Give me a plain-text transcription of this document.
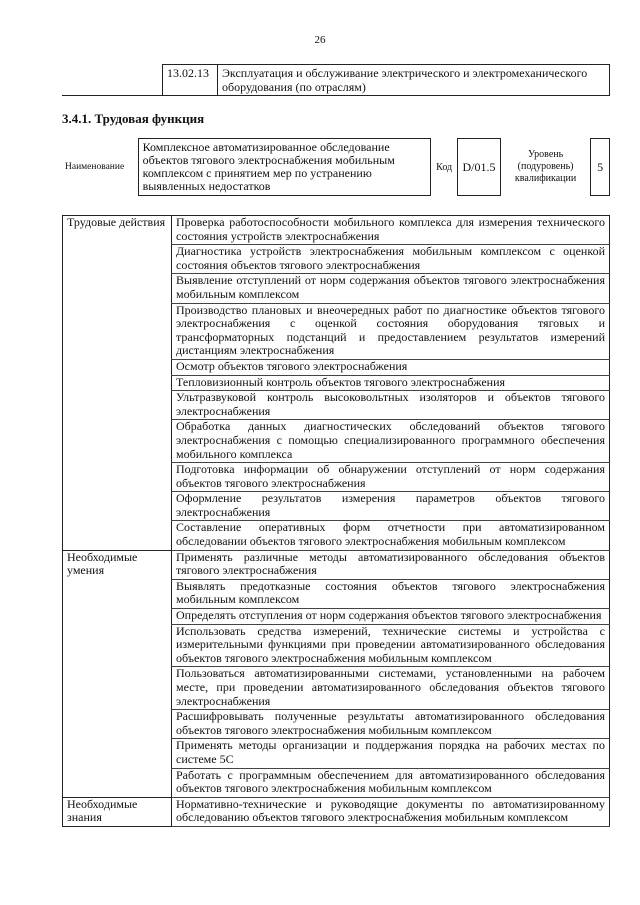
26
	13.02.13	Эксплуатация и обслуживание электрического и электромеханического оборудования (по отраслям)
3.4.1. Трудовая функция
Наименование	Комплексное автоматизированное обследование объектов тягового электроснабжения мобильным комплексом с принятием мер по устранению выявленных недостатков	Код	D/01.5	Уровень (подуровень) квалификации	5
Трудовые действия	Проверка работоспособности мобильного комплекса для измерения технического состояния устройств электроснабжения
	Диагностика устройств электроснабжения мобильным комплексом с оценкой состояния объектов тягового электроснабжения
	Выявление отступлений от норм содержания объектов тягового электроснабжения мобильным комплексом
	Производство плановых и внеочередных работ по диагностике объектов тягового электроснабжения с оценкой состояния оборудования тяговых и трансформаторных подстанций и предоставлением результатов измерений дистанциям электроснабжения
	Осмотр объектов тягового электроснабжения
	Тепловизионный контроль объектов тягового электроснабжения
	Ультразвуковой контроль высоковольтных изоляторов и объектов тягового электроснабжения
	Обработка данных диагностических обследований объектов тягового электроснабжения с помощью специализированного программного обеспечения мобильного комплекса
	Подготовка информации об обнаружении отступлений от норм содержания объектов тягового электроснабжения
	Оформление результатов измерения параметров объектов тягового электроснабжения
	Составление оперативных форм отчетности при автоматизированном обследовании объектов тягового электроснабжения мобильным комплексом
Необходимые умения	Применять различные методы автоматизированного обследования объектов тягового электроснабжения
	Выявлять предотказные состояния объектов тягового электроснабжения мобильным комплексом
	Определять отступления от норм содержания объектов тягового электроснабжения
	Использовать средства измерений, технические системы и устройства с измерительными функциями при проведении автоматизированного обследования объектов тягового электроснабжения мобильным комплексом
	Пользоваться автоматизированными системами, установленными на рабочем месте, при проведении автоматизированного обследования объектов тягового электроснабжения
	Расшифровывать полученные результаты автоматизированного обследования объектов тягового электроснабжения мобильным комплексом
	Применять методы организации и поддержания порядка на рабочих местах по системе 5С
	Работать с программным обеспечением для автоматизированного обследования объектов тягового электроснабжения мобильным комплексом
Необходимые знания	Нормативно-технические и руководящие документы по автоматизированному обследованию объектов тягового электроснабжения мобильным комплексом
